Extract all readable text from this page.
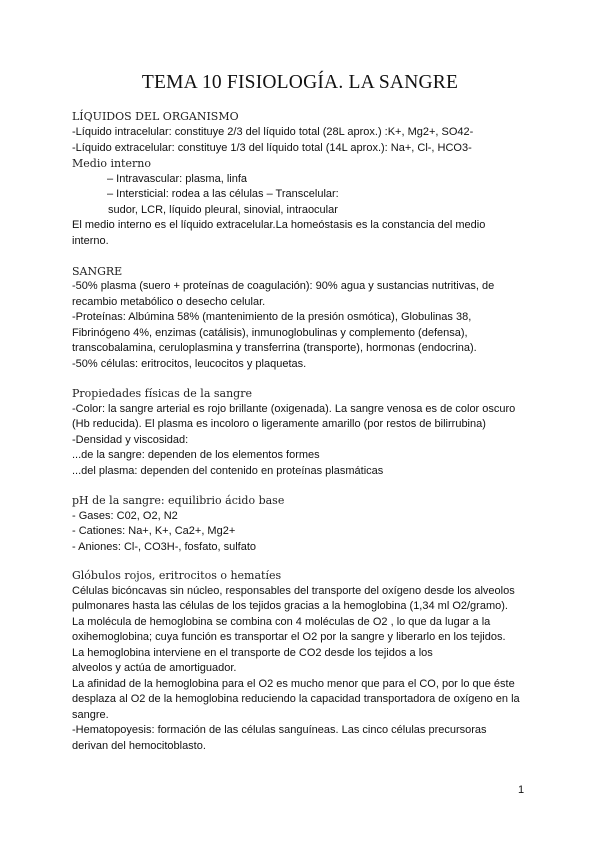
TEMA 10 FISIOLOGÍA. LA SANGRE
LÍQUIDOS DEL ORGANISMO
-Líquido intracelular: constituye 2/3 del líquido total (28L aprox.) :K+, Mg2+, SO42-
-Líquido extracelular: constituye 1/3 del líquido total (14L aprox.): Na+, Cl-, HCO3-
Medio interno
– Intravascular: plasma, linfa
– Intersticial: rodea a las células – Transcelular:
sudor, LCR, líquido pleural, sinovial, intraocular
El medio interno es el líquido extracelular.La homeóstasis es la constancia del medio
interno.
SANGRE
-50% plasma (suero + proteínas de coagulación): 90% agua y sustancias nutritivas, de
recambio metabólico o desecho celular.
-Proteínas: Albúmina 58% (mantenimiento de la presión osmótica), Globulinas 38,
Fibrinógeno 4%, enzimas (catálisis), inmunoglobulinas y complemento (defensa),
transcobalamina, ceruloplasmina y transferrina (transporte), hormonas (endocrina).
-50% células: eritrocitos, leucocitos y plaquetas.
Propiedades físicas de la sangre
-Color: la sangre arterial es rojo brillante (oxigenada). La sangre venosa es de color oscuro
(Hb reducida). El plasma es incoloro o ligeramente amarillo (por restos de bilirrubina)
-Densidad y viscosidad:
...de la sangre: dependen de los elementos formes
...del plasma: dependen del contenido en proteínas plasmáticas
pH de la sangre: equilibrio ácido base
- Gases: C02, O2, N2
- Cationes: Na+, K+, Ca2+, Mg2+
- Aniones: Cl-, CO3H-, fosfato, sulfato
Glóbulos rojos, eritrocitos o hematíes
Células bicóncavas sin núcleo, responsables del transporte del oxígeno desde los alveolos
pulmonares hasta las células de los tejidos gracias a la hemoglobina (1,34 ml O2/gramo).
La molécula de hemoglobina se combina con 4 moléculas de O2 , lo que da lugar a la
oxihemoglobina; cuya función es transportar el O2 por la sangre y liberarlo en los tejidos.
La hemoglobina interviene en el transporte de CO2 desde los tejidos a los
alveolos y actúa de amortiguador.
La afinidad de la hemoglobina para el O2 es mucho menor que para el CO, por lo que éste
desplaza al O2 de la hemoglobina reduciendo la capacidad transportadora de oxígeno en la
sangre.
-Hematopoyesis: formación de las células sanguíneas. Las cinco células precursoras
derivan del hemocitoblasto.
1
